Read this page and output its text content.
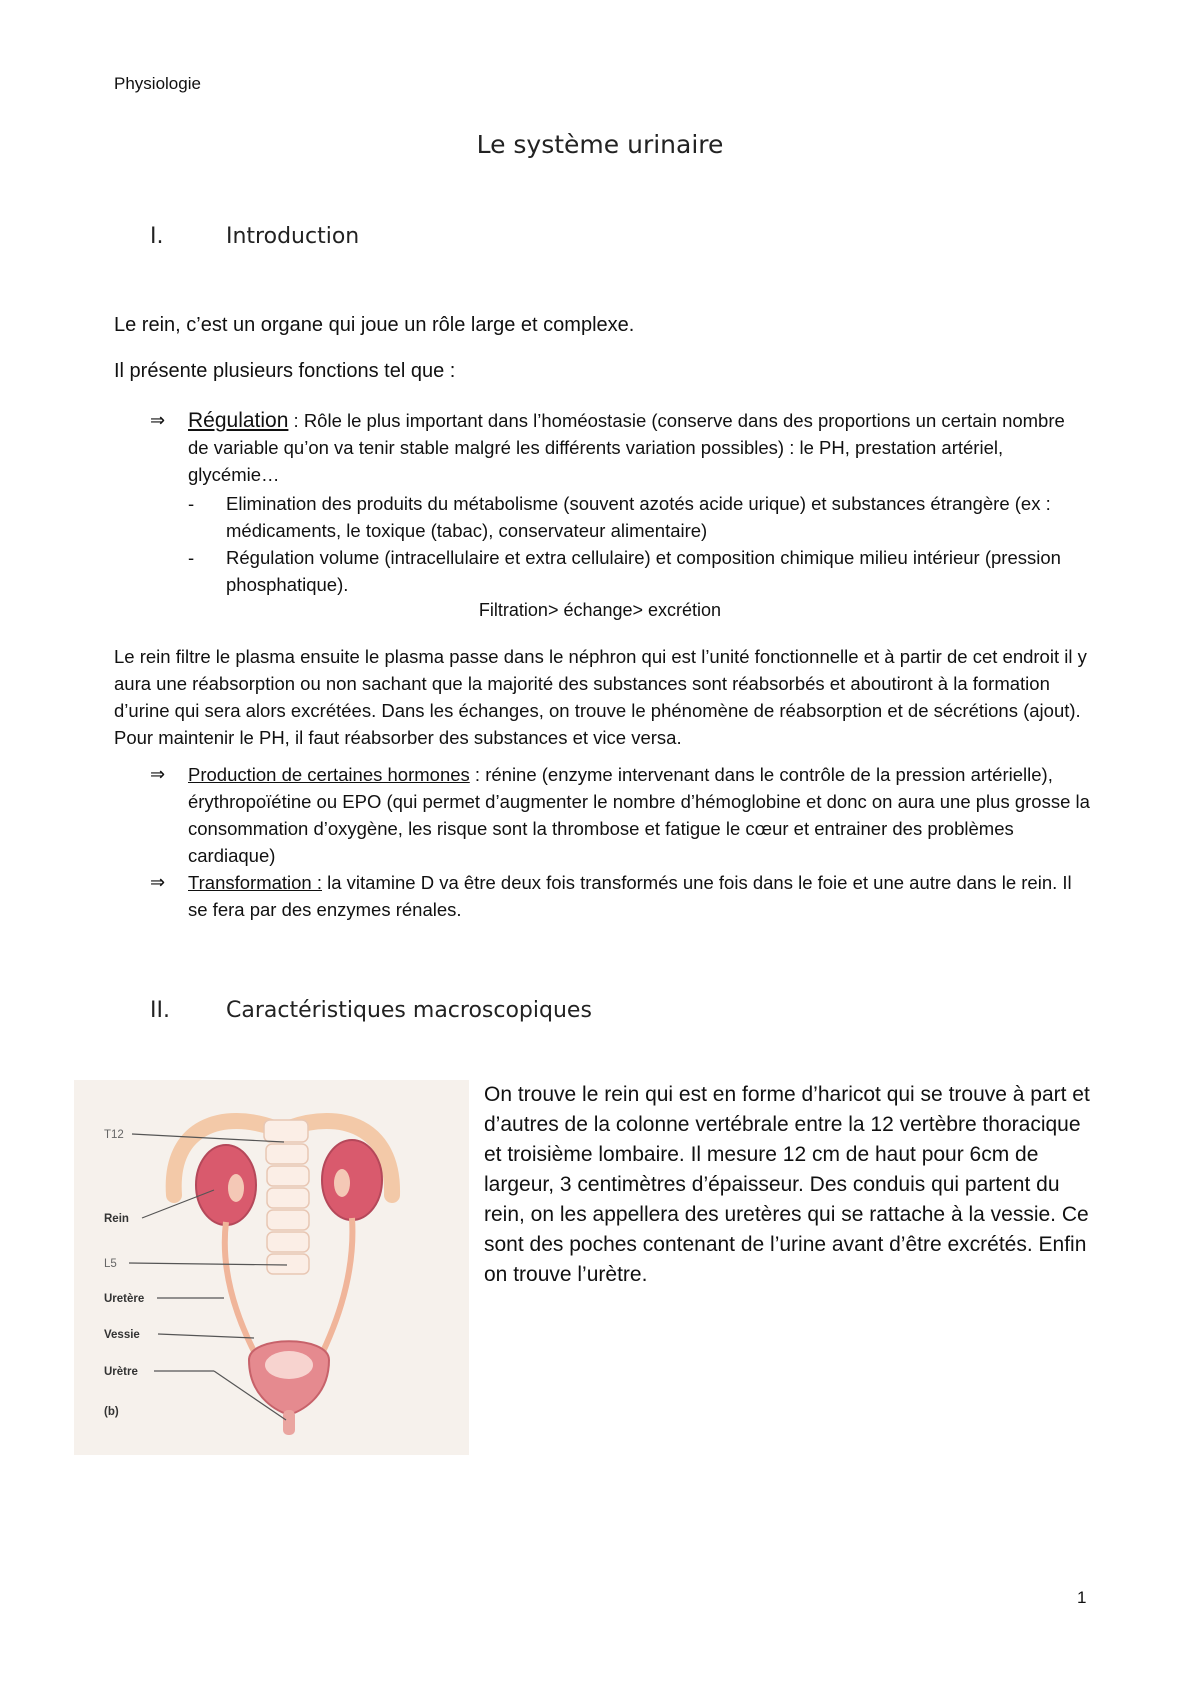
Physiologie
Le système urinaire
I.	Introduction
Le rein, c’est un organe qui joue un rôle large et complexe.
Il présente plusieurs fonctions tel que :
⇒ Régulation : Rôle le plus important dans l’homéostasie (conserve dans des proportions un certain nombre de variable qu’on va tenir stable malgré les différents variation possibles) : le PH, prestation artériel, glycémie…
- Elimination des produits du métabolisme (souvent azotés acide urique) et substances étrangère (ex : médicaments, le toxique (tabac), conservateur alimentaire)
- Régulation volume (intracellulaire et extra cellulaire) et composition chimique milieu intérieur (pression phosphatique).
Filtration> échange> excrétion
Le rein filtre le plasma ensuite le plasma passe dans le néphron qui est l’unité fonctionnelle et à partir de cet endroit il y aura une réabsorption ou non sachant que la majorité des substances sont réabsorbés et aboutiront à la formation d’urine qui sera alors excrétées. Dans les échanges, on trouve le phénomène de réabsorption et de sécrétions (ajout). Pour maintenir le PH, il faut réabsorber des substances et vice versa.
⇒ Production de certaines hormones : rénine (enzyme intervenant dans le contrôle de la pression artérielle), érythropoïétine ou EPO (qui permet d’augmenter le nombre d’hémoglobine et donc on aura une plus grosse la consommation d’oxygène, les risque sont la thrombose et fatigue le cœur et entrainer des problèmes cardiaque)
⇒ Transformation : la vitamine D va être deux fois transformés une fois dans le foie et une autre dans le rein. Il se fera par des enzymes rénales.
II.	Caractéristiques macroscopiques
T12
Rein
L5
Uretère
Vessie
Urètre
(b)
On trouve le rein qui est en forme d’haricot qui se trouve à part et d’autres de la colonne vertébrale entre la 12 vertèbre thoracique et troisième lombaire. Il mesure 12 cm de haut pour 6cm de largeur, 3 centimètres d’épaisseur. Des conduis qui partent du rein, on les appellera des uretères qui se rattache à la vessie. Ce sont des poches contenant de l’urine avant d’être excrétés. Enfin on trouve l’urètre.
1
